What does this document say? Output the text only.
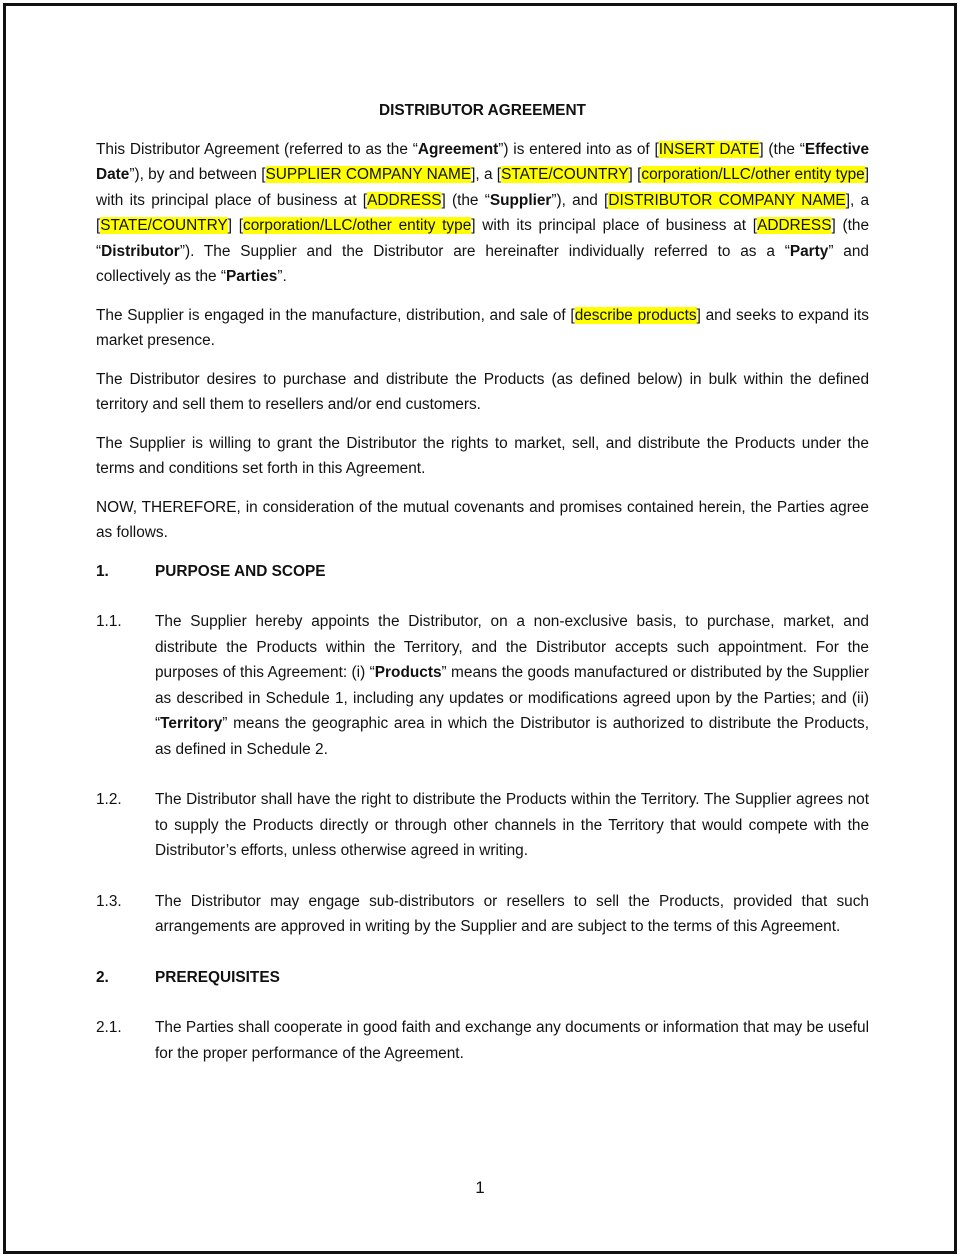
DISTRIBUTOR AGREEMENT

This Distributor Agreement (referred to as the “Agreement”) is entered into as of [INSERT DATE] (the “Effective Date”), by and between [SUPPLIER COMPANY NAME], a [STATE/COUNTRY] [corporation/LLC/other entity type] with its principal place of business at [ADDRESS] (the “Supplier”), and [DISTRIBUTOR COMPANY NAME], a [STATE/COUNTRY] [corporation/LLC/other entity type] with its principal place of business at [ADDRESS] (the “Distributor”). The Supplier and the Distributor are hereinafter individually referred to as a “Party” and collectively as the “Parties”.

The Supplier is engaged in the manufacture, distribution, and sale of [describe products] and seeks to expand its market presence.

The Distributor desires to purchase and distribute the Products (as defined below) in bulk within the defined territory and sell them to resellers and/or end customers.

The Supplier is willing to grant the Distributor the rights to market, sell, and distribute the Products under the terms and conditions set forth in this Agreement.

NOW, THEREFORE, in consideration of the mutual covenants and promises contained herein, the Parties agree as follows.

1.	PURPOSE AND SCOPE
1.1.	The Supplier hereby appoints the Distributor, on a non-exclusive basis, to purchase, market, and distribute the Products within the Territory, and the Distributor accepts such appointment. For the purposes of this Agreement: (i) “Products” means the goods manufactured or distributed by the Supplier as described in Schedule 1, including any updates or modifications agreed upon by the Parties; and (ii) “Territory” means the geographic area in which the Distributor is authorized to distribute the Products, as defined in Schedule 2.
1.2.	The Distributor shall have the right to distribute the Products within the Territory. The Supplier agrees not to supply the Products directly or through other channels in the Territory that would compete with the Distributor’s efforts, unless otherwise agreed in writing.
1.3.	The Distributor may engage sub-distributors or resellers to sell the Products, provided that such arrangements are approved in writing by the Supplier and are subject to the terms of this Agreement.
2.	PREREQUISITES
2.1.	The Parties shall cooperate in good faith and exchange any documents or information that may be useful for the proper performance of the Agreement.
1
